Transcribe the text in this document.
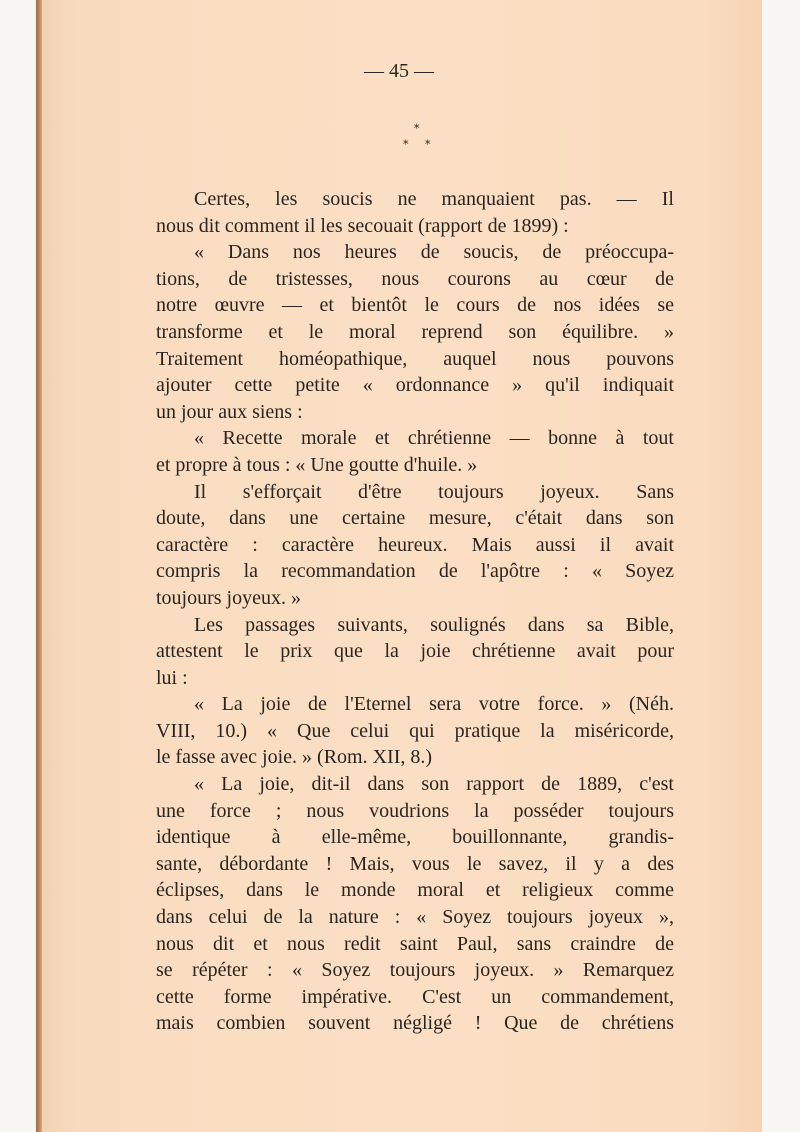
— 45 —
*
* *
Certes, les soucis ne manquaient pas. — Il
nous dit comment il les secouait (rapport de 1899) :
« Dans nos heures de soucis, de préoccupa-
tions, de tristesses, nous courons au cœur de
notre œuvre — et bientôt le cours de nos idées se
transforme et le moral reprend son équilibre. »
Traitement homéopathique, auquel nous pouvons
ajouter cette petite « ordonnance » qu'il indiquait
un jour aux siens :
« Recette morale et chrétienne — bonne à tout
et propre à tous : « Une goutte d'huile. »
Il s'efforçait d'être toujours joyeux. Sans
doute, dans une certaine mesure, c'était dans son
caractère : caractère heureux. Mais aussi il avait
compris la recommandation de l'apôtre : « Soyez
toujours joyeux. »
Les passages suivants, soulignés dans sa Bible,
attestent le prix que la joie chrétienne avait pour
lui :
« La joie de l'Eternel sera votre force. » (Néh.
VIII, 10.) « Que celui qui pratique la miséricorde,
le fasse avec joie. » (Rom. XII, 8.)
« La joie, dit-il dans son rapport de 1889, c'est
une force ; nous voudrions la posséder toujours
identique à elle-même, bouillonnante, grandis-
sante, débordante ! Mais, vous le savez, il y a des
éclipses, dans le monde moral et religieux comme
dans celui de la nature : « Soyez toujours joyeux »,
nous dit et nous redit saint Paul, sans craindre de
se répéter : « Soyez toujours joyeux. » Remarquez
cette forme impérative. C'est un commandement,
mais combien souvent négligé ! Que de chrétiens
